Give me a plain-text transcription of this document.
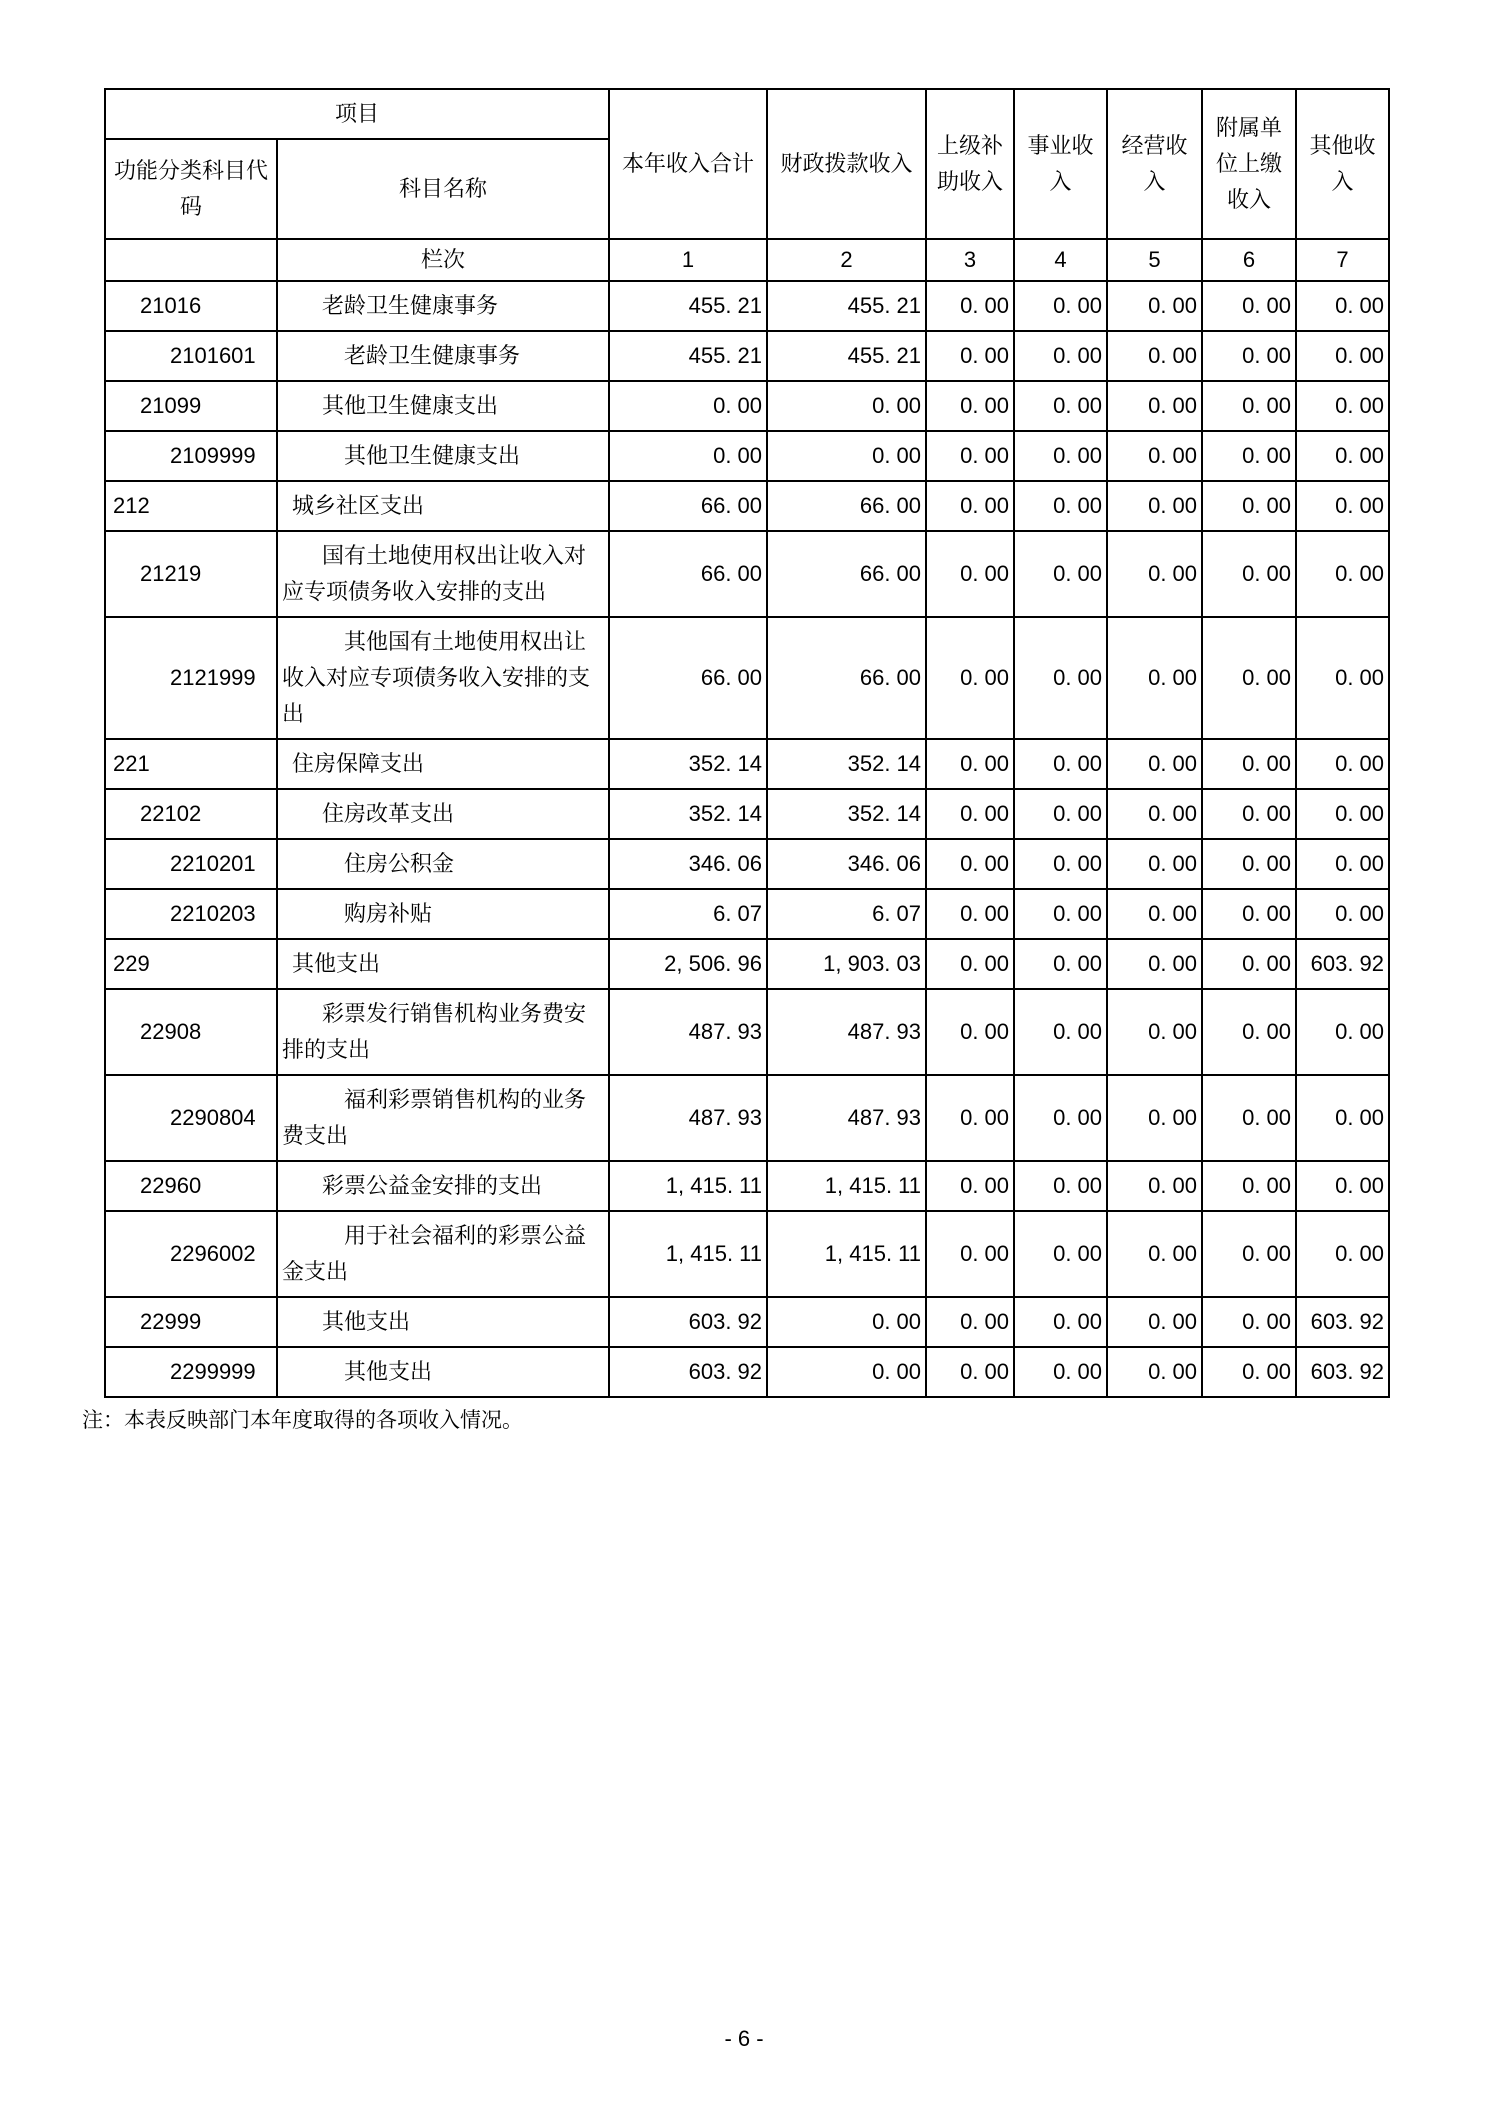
项目		本年收入合计	财政拨款收入	上级补助收入	事业收入	经营收入	附属单位上缴收入	其他收入
功能分类科目代码	科目名称							
	栏次	1	2	3	4	5	6	7
21016	老龄卫生健康事务	455. 21	455. 21	0. 00	0. 00	0. 00	0. 00	0. 00
2101601	老龄卫生健康事务	455. 21	455. 21	0. 00	0. 00	0. 00	0. 00	0. 00
21099	其他卫生健康支出	0. 00	0. 00	0. 00	0. 00	0. 00	0. 00	0. 00
2109999	其他卫生健康支出	0. 00	0. 00	0. 00	0. 00	0. 00	0. 00	0. 00
212	城乡社区支出	66. 00	66. 00	0. 00	0. 00	0. 00	0. 00	0. 00
21219	国有土地使用权出让收入对应专项债务收入安排的支出	66. 00	66. 00	0. 00	0. 00	0. 00	0. 00	0. 00
2121999	其他国有土地使用权出让收入对应专项债务收入安排的支出	66. 00	66. 00	0. 00	0. 00	0. 00	0. 00	0. 00
221	住房保障支出	352. 14	352. 14	0. 00	0. 00	0. 00	0. 00	0. 00
22102	住房改革支出	352. 14	352. 14	0. 00	0. 00	0. 00	0. 00	0. 00
2210201	住房公积金	346. 06	346. 06	0. 00	0. 00	0. 00	0. 00	0. 00
2210203	购房补贴	6. 07	6. 07	0. 00	0. 00	0. 00	0. 00	0. 00
229	其他支出	2, 506. 96	1, 903. 03	0. 00	0. 00	0. 00	0. 00	603. 92
22908	彩票发行销售机构业务费安排的支出	487. 93	487. 93	0. 00	0. 00	0. 00	0. 00	0. 00
2290804	福利彩票销售机构的业务费支出	487. 93	487. 93	0. 00	0. 00	0. 00	0. 00	0. 00
22960	彩票公益金安排的支出	1, 415. 11	1, 415. 11	0. 00	0. 00	0. 00	0. 00	0. 00
2296002	用于社会福利的彩票公益金支出	1, 415. 11	1, 415. 11	0. 00	0. 00	0. 00	0. 00	0. 00
22999	其他支出	603. 92	0. 00	0. 00	0. 00	0. 00	0. 00	603. 92
2299999	其他支出	603. 92	0. 00	0. 00	0. 00	0. 00	0. 00	603. 92
注：本表反映部门本年度取得的各项收入情况。
- 6 -
